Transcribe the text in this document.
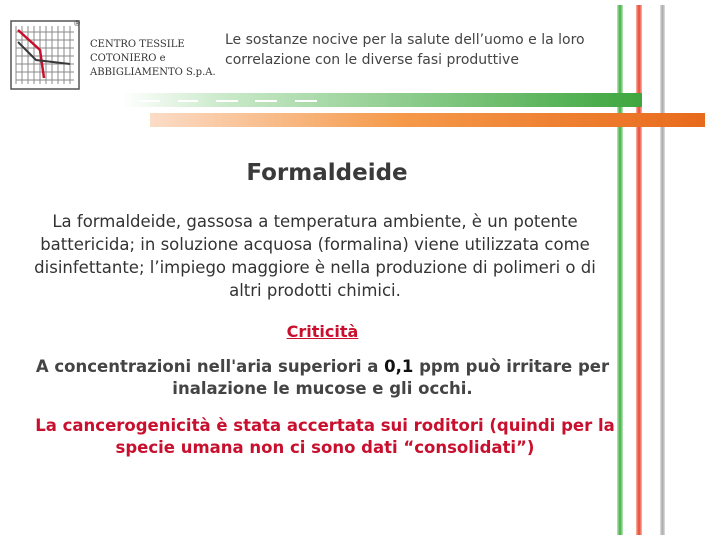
®
CENTRO TESSILE
COTONIERO e
ABBIGLIAMENTO S.p.A.
Le sostanze nocive per la salute dell’uomo e la loro correlazione con le diverse fasi produttive
Formaldeide
La formaldeide, gassosa a temperatura ambiente, è un potente battericida; in soluzione acquosa (formalina) viene utilizzata come disinfettante; l’impiego maggiore è nella produzione di polimeri o di altri prodotti chimici.
Criticità
A concentrazioni nell'aria superiori a 0,1 ppm può irritare per inalazione le mucose e gli occhi.
La cancerogenicità è stata accertata sui roditori (quindi per la specie umana non ci sono dati “consolidati”)
